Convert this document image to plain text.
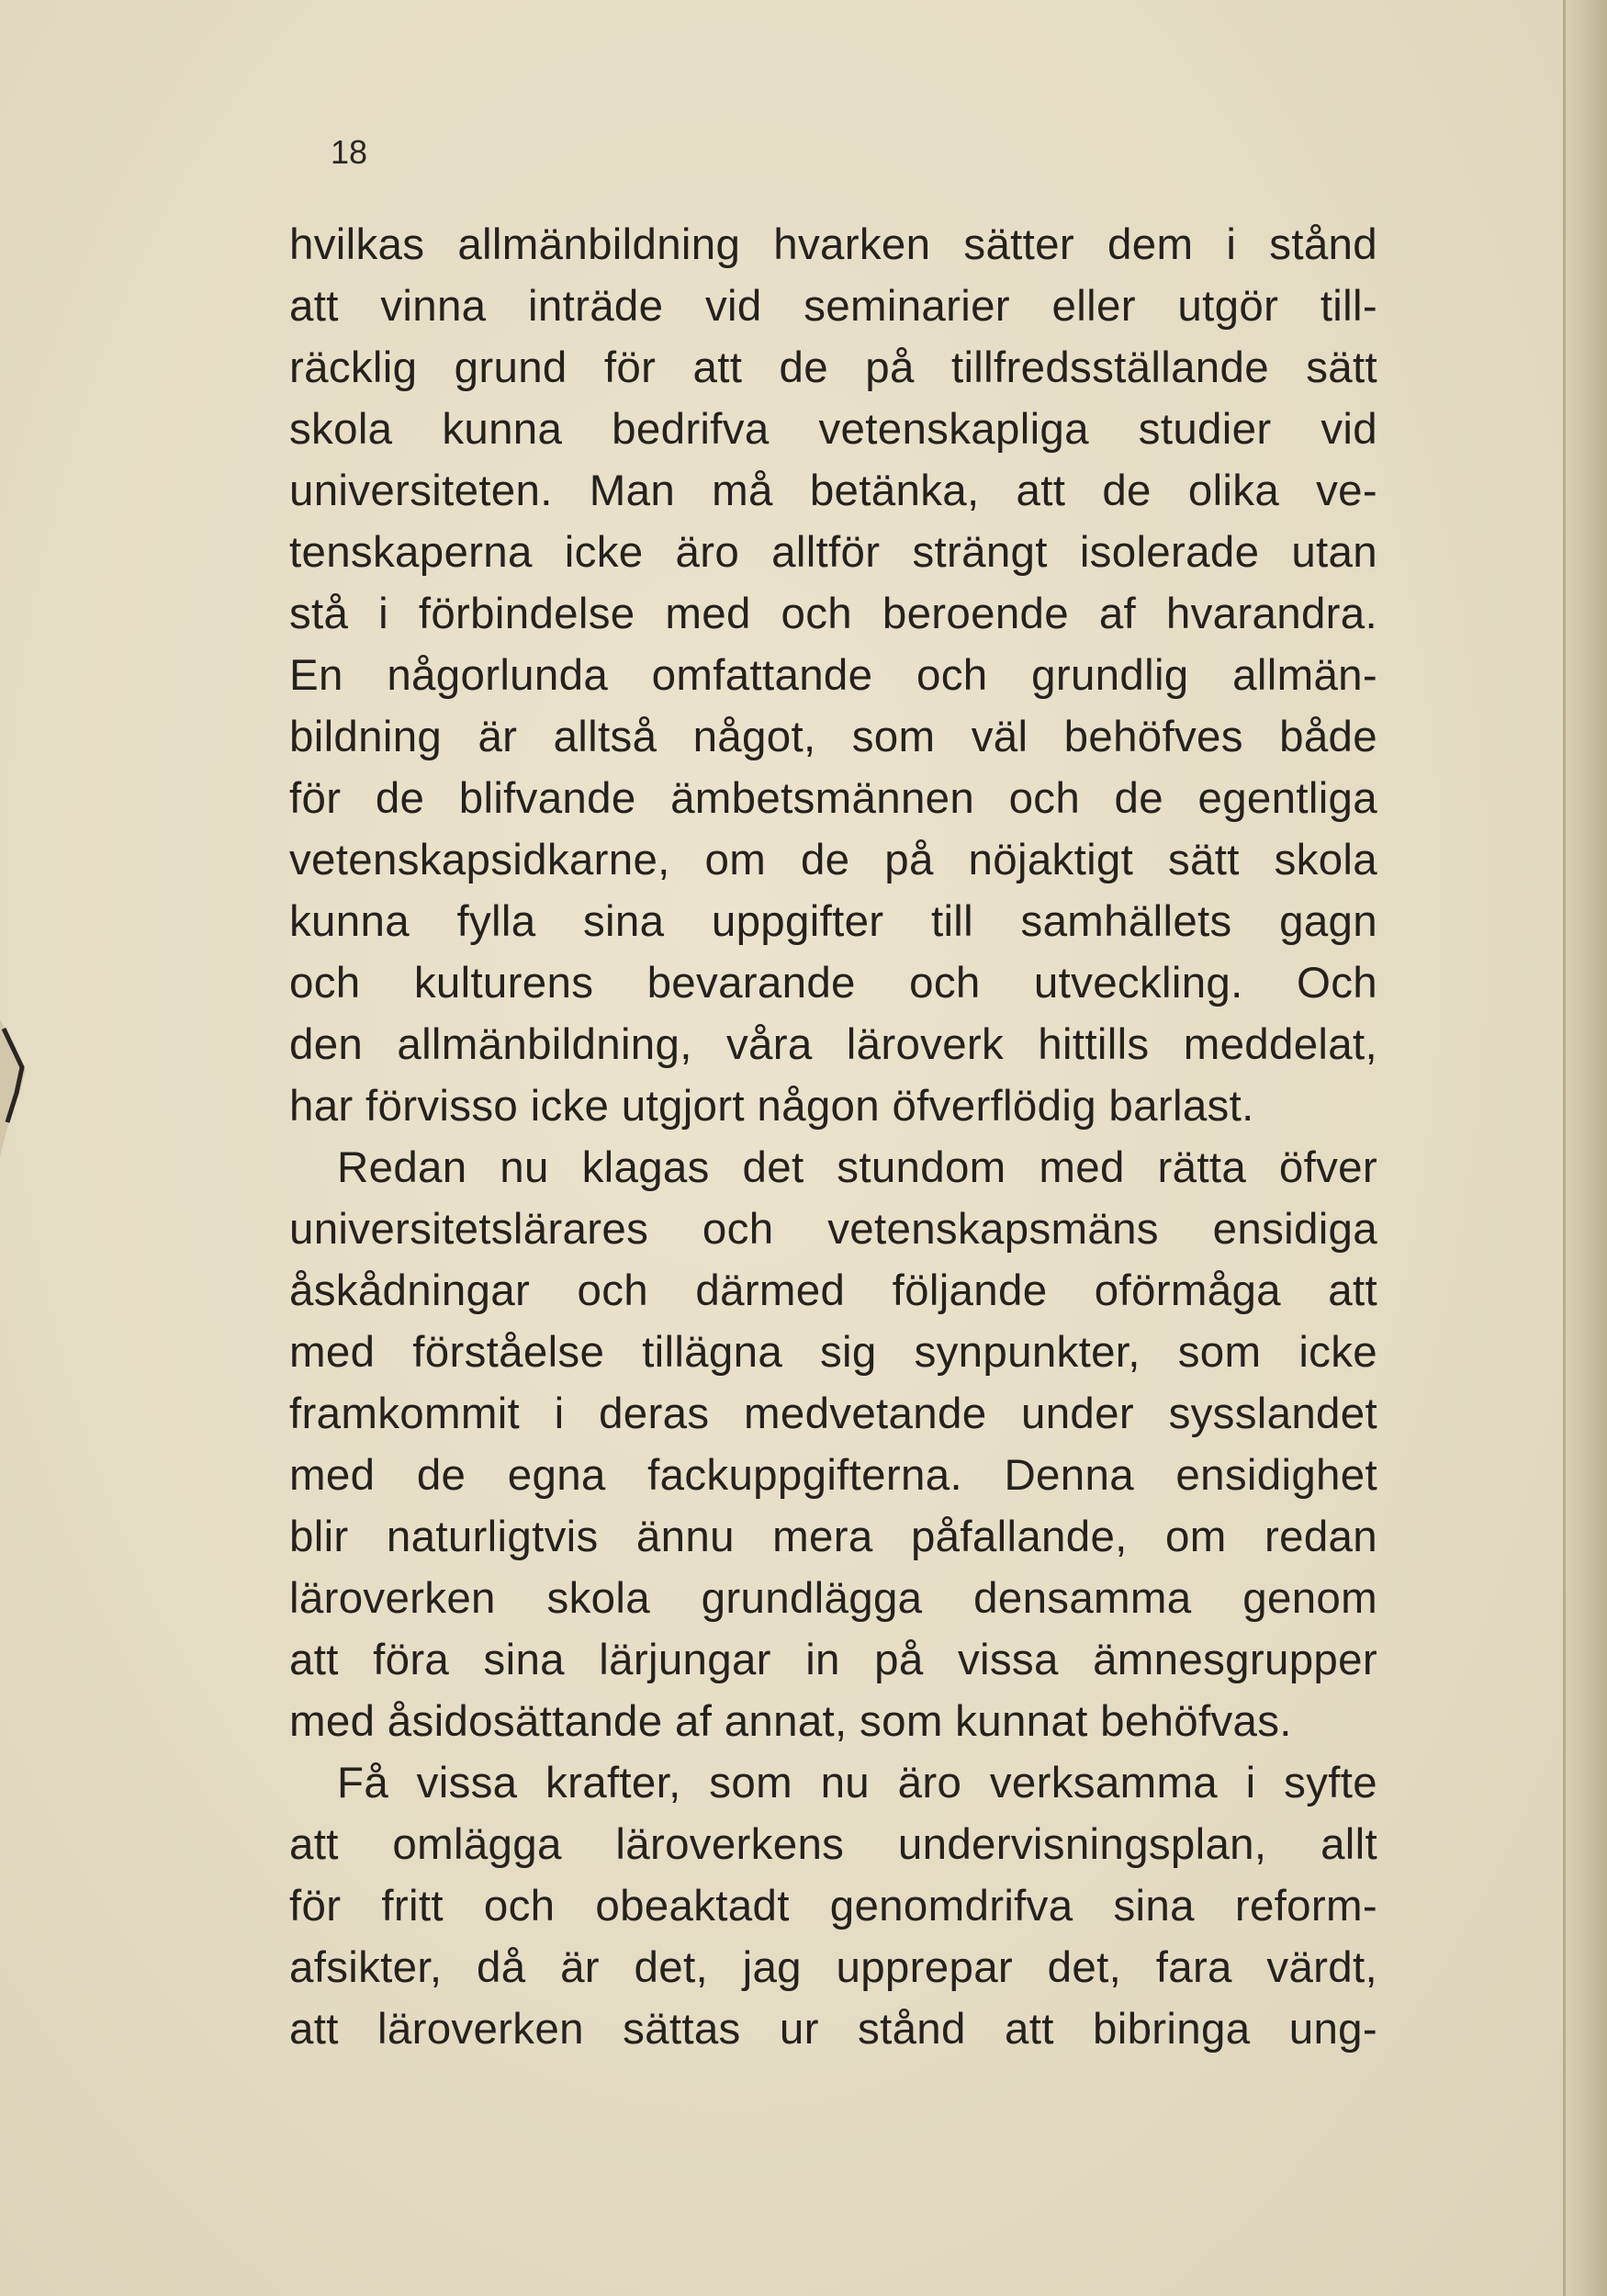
18
hvilkas allmänbildning hvarken sätter dem i stånd
att vinna inträde vid seminarier eller utgör till-
räcklig grund för att de på tillfredsställande sätt
skola kunna bedrifva vetenskapliga studier vid
universiteten. Man må betänka, att de olika ve-
tenskaperna icke äro alltför strängt isolerade utan
stå i förbindelse med och beroende af hvarandra.
En någorlunda omfattande och grundlig allmän-
bildning är alltså något, som väl behöfves både
för de blifvande ämbetsmännen och de egentliga
vetenskapsidkarne, om de på nöjaktigt sätt skola
kunna fylla sina uppgifter till samhällets gagn
och kulturens bevarande och utveckling. Och
den allmänbildning, våra läroverk hittills meddelat,
har förvisso icke utgjort någon öfverflödig barlast.
Redan nu klagas det stundom med rätta öfver
universitetslärares och vetenskapsmäns ensidiga
åskådningar och därmed följande oförmåga att
med förståelse tillägna sig synpunkter, som icke
framkommit i deras medvetande under sysslandet
med de egna fackuppgifterna. Denna ensidighet
blir naturligtvis ännu mera påfallande, om redan
läroverken skola grundlägga densamma genom
att föra sina lärjungar in på vissa ämnesgrupper
med åsidosättande af annat, som kunnat behöfvas.
Få vissa krafter, som nu äro verksamma i syfte
att omlägga läroverkens undervisningsplan, allt
för fritt och obeaktadt genomdrifva sina reform-
afsikter, då är det, jag upprepar det, fara värdt,
att läroverken sättas ur stånd att bibringa ung-
